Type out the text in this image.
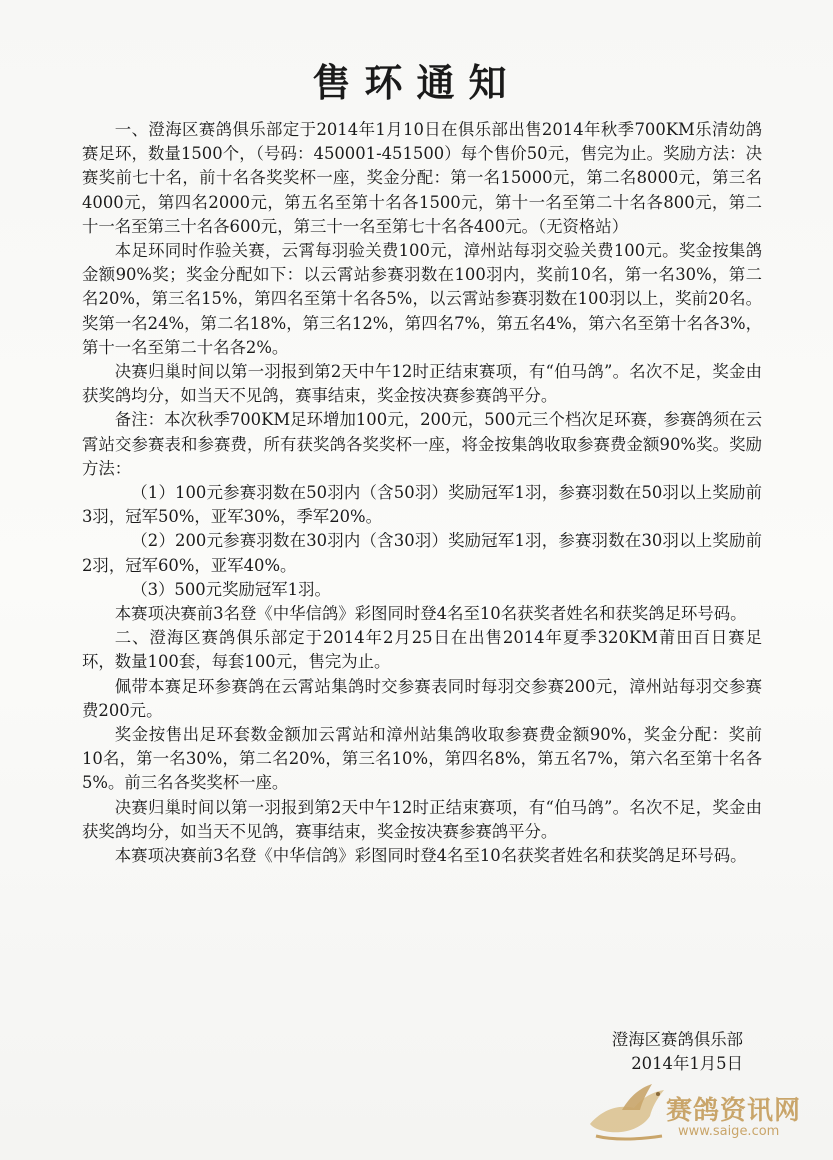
售环通知

一、澄海区赛鸽俱乐部定于2014年1月10日在俱乐部出售2014年秋季700KM乐清幼鸽赛足环，数量1500个，（号码：450001-451500）每个售价50元，售完为止。奖励方法：决赛奖前七十名，前十名各奖奖杯一座，奖金分配：第一名15000元，第二名8000元，第三名4000元，第四名2000元，第五名至第十名各1500元，第十一名至第二十名各800元，第二十一名至第三十名各600元，第三十一名至第七十名各400元。（无资格站）

本足环同时作验关赛，云霄每羽验关费100元，漳州站每羽交验关费100元。奖金按集鸽金额90%奖；奖金分配如下：以云霄站参赛羽数在100羽内，奖前10名，第一名30%，第二名20%，第三名15%，第四名至第十名各5%，以云霄站参赛羽数在100羽以上，奖前20名。奖第一名24%，第二名18%，第三名12%，第四名7%，第五名4%，第六名至第十名各3%，第十一名至第二十名各2%。

决赛归巢时间以第一羽报到第2天中午12时正结束赛项，有“伯马鸽”。名次不足，奖金由获奖鸽均分，如当天不见鸽，赛事结束，奖金按决赛参赛鸽平分。

备注：本次秋季700KM足环增加100元，200元，500元三个档次足环赛，参赛鸽须在云霄站交参赛表和参赛费，所有获奖鸽各奖奖杯一座，将金按集鸽收取参赛费金额90%奖。奖励方法：

（1）100元参赛羽数在50羽内（含50羽）奖励冠军1羽，参赛羽数在50羽以上奖励前3羽，冠军50%，亚军30%，季军20%。

（2）200元参赛羽数在30羽内（含30羽）奖励冠军1羽，参赛羽数在30羽以上奖励前2羽，冠军60%，亚军40%。

（3）500元奖励冠军1羽。

本赛项决赛前3名登《中华信鸽》彩图同时登4名至10名获奖者姓名和获奖鸽足环号码。

二、澄海区赛鸽俱乐部定于2014年2月25日在出售2014年夏季320KM莆田百日赛足环，数量100套，每套100元，售完为止。

佩带本赛足环参赛鸽在云霄站集鸽时交参赛表同时每羽交参赛200元，漳州站每羽交参赛费200元。

奖金按售出足环套数金额加云霄站和漳州站集鸽收取参赛费金额90%，奖金分配：奖前10名，第一名30%，第二名20%，第三名10%，第四名8%，第五名7%，第六名至第十名各5%。前三名各奖奖杯一座。

决赛归巢时间以第一羽报到第2天中午12时正结束赛项，有“伯马鸽”。名次不足，奖金由获奖鸽均分，如当天不见鸽，赛事结束，奖金按决赛参赛鸽平分。

本赛项决赛前3名登《中华信鸽》彩图同时登4名至10名获奖者姓名和获奖鸽足环号码。

澄海区赛鸽俱乐部
2014年1月5日
赛鸽资讯网
www.saige.com
